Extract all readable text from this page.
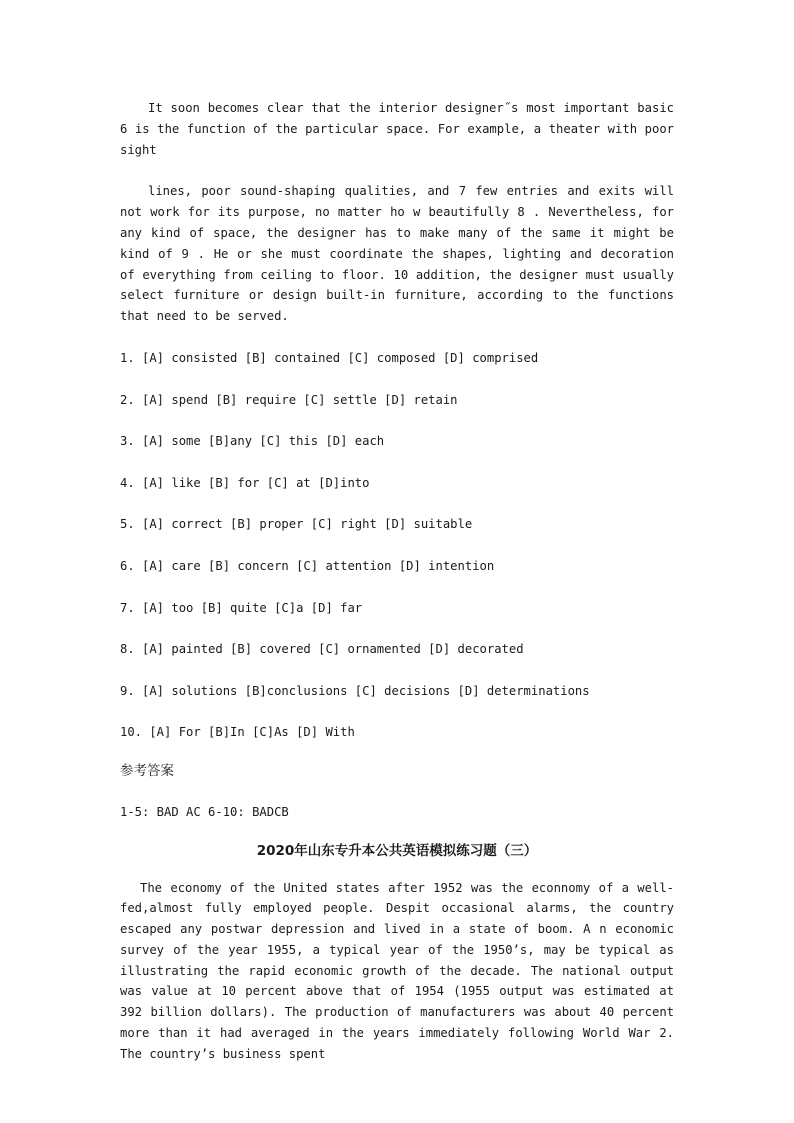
It soon becomes clear that the interior designer˝s most important basic 6 is the function of the particular space. For example, a theater with poor sight

lines, poor sound-shaping qualities, and 7 few entries and exits will not work for its purpose, no matter ho w beautifully 8 . Nevertheless, for any kind of space, the designer has to make many of the same it might be kind of 9 . He or she must coordinate the shapes, lighting and decoration of everything from ceiling to floor. 10 addition, the designer must usually select furniture or design built-in furniture, according to the functions that need to be served.

1. [A] consisted [B] contained [C] composed [D] comprised

2. [A] spend [B] require [C] settle [D] retain

3. [A] some [B]any [C] this [D] each

4. [A] like [B] for [C] at [D]into

5. [A] correct [B] proper [C] right [D] suitable

6. [A] care [B] concern [C] attention [D] intention

7. [A] too [B] quite [C]a [D] far

8. [A] painted [B] covered [C] ornamented [D] decorated

9. [A] solutions [B]conclusions [C] decisions [D] determinations

10. [A] For [B]In [C]As [D] With

参考答案

1-5: BAD AC 6-10: BADCB

2020年山东专升本公共英语模拟练习题（三）

The economy of the United states after 1952 was the econnomy of a well-fed,almost fully employed people. Despit occasional alarms, the country escaped any postwar depression and lived in a state of boom. A n economic survey of the year 1955, a typical year of the 1950’s, may be typical as illustrating the rapid economic growth of the decade. The national output was value at 10 percent above that of 1954 (1955 output was estimated at 392 billion dollars). The production of manufacturers was about 40 percent more than it had averaged in the years immediately following World War 2. The country’s business spent
